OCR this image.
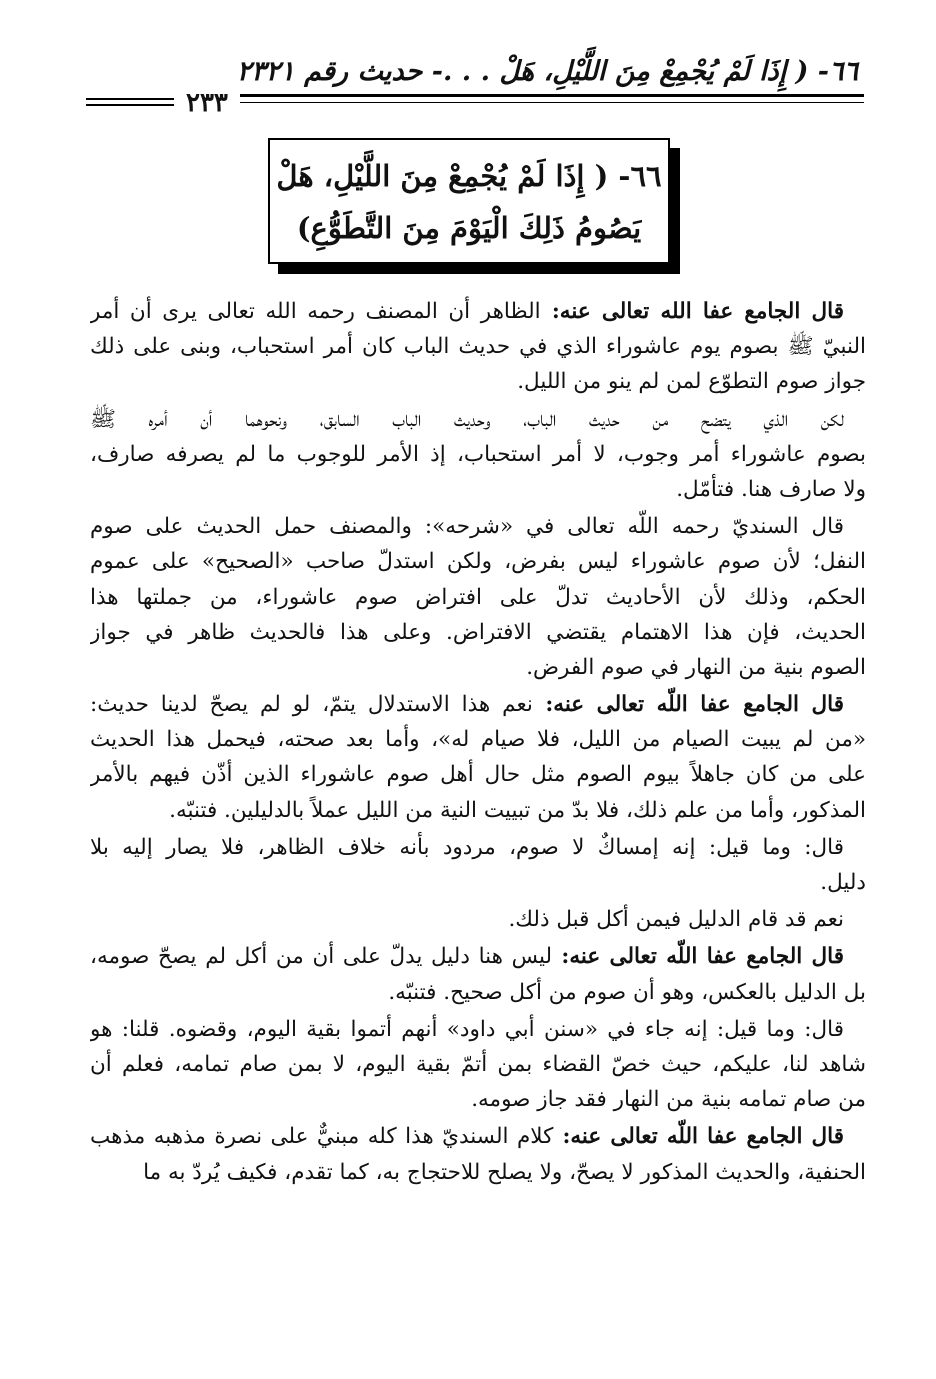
٦٦- ( إِذَا لَمْ يُجْمِعْ مِنَ اللَّيْلِ، هَلْ . . .- حديث رقم ٢٣٢١
٢٣٣
٦٦- ( إِذَا لَمْ يُجْمِعْ مِنَ اللَّيْلِ، هَلْ
يَصُومُ ذَلِكَ الْيَوْمَ مِنَ التَّطَوُّعِ)
قال الجامع عفا الله تعالى عنه: الظاهر أن المصنف رحمه الله تعالى يرى أن أمر
النبيّ ﷺ بصوم يوم عاشوراء الذي في حديث الباب كان أمر استحباب، وبنى على ذلك
جواز صوم التطوّع لمن لم ينو من الليل.
لكن الذي يتضح من حديث الباب، وحديث الباب السابق، ونحوهما أن أمره ﷺ
بصوم عاشوراء أمر وجوب، لا أمر استحباب، إذ الأمر للوجوب ما لم يصرفه صارف،
ولا صارف هنا. فتأمّل.
قال السنديّ رحمه اللّه تعالى في «شرحه»: والمصنف حمل الحديث على صوم
النفل؛ لأن صوم عاشوراء ليس بفرض، ولكن استدلّ صاحب «الصحيح» على عموم
الحكم، وذلك لأن الأحاديث تدلّ على افتراض صوم عاشوراء، من جملتها هذا
الحديث، فإن هذا الاهتمام يقتضي الافتراض. وعلى هذا فالحديث ظاهر في جواز
الصوم بنية من النهار في صوم الفرض.
قال الجامع عفا اللّه تعالى عنه: نعم هذا الاستدلال يتمّ، لو لم يصحّ لدينا حديث:
«من لم يبيت الصيام من الليل، فلا صيام له»، وأما بعد صحته، فيحمل هذا الحديث
على من كان جاهلاً بيوم الصوم مثل حال أهل صوم عاشوراء الذين أذّن فيهم بالأمر
المذكور، وأما من علم ذلك، فلا بدّ من تبييت النية من الليل عملاً بالدليلين. فتنبّه.
قال: وما قيل: إنه إمساكٌ لا صوم، مردود بأنه خلاف الظاهر، فلا يصار إليه بلا
دليل.
نعم قد قام الدليل فيمن أكل قبل ذلك.
قال الجامع عفا اللّه تعالى عنه: ليس هنا دليل يدلّ على أن من أكل لم يصحّ صومه،
بل الدليل بالعكس، وهو أن صوم من أكل صحيح. فتنبّه.
قال: وما قيل: إنه جاء في «سنن أبي داود» أنهم أتموا بقية اليوم، وقضوه. قلنا: هو
شاهد لنا، عليكم، حيث خصّ القضاء بمن أتمّ بقية اليوم، لا بمن صام تمامه، فعلم أن
من صام تمامه بنية من النهار فقد جاز صومه.
قال الجامع عفا اللّه تعالى عنه: كلام السنديّ هذا كله مبنيٌّ على نصرة مذهبه مذهب
الحنفية، والحديث المذكور لا يصحّ، ولا يصلح للاحتجاج به، كما تقدم، فكيف يُردّ به ما
